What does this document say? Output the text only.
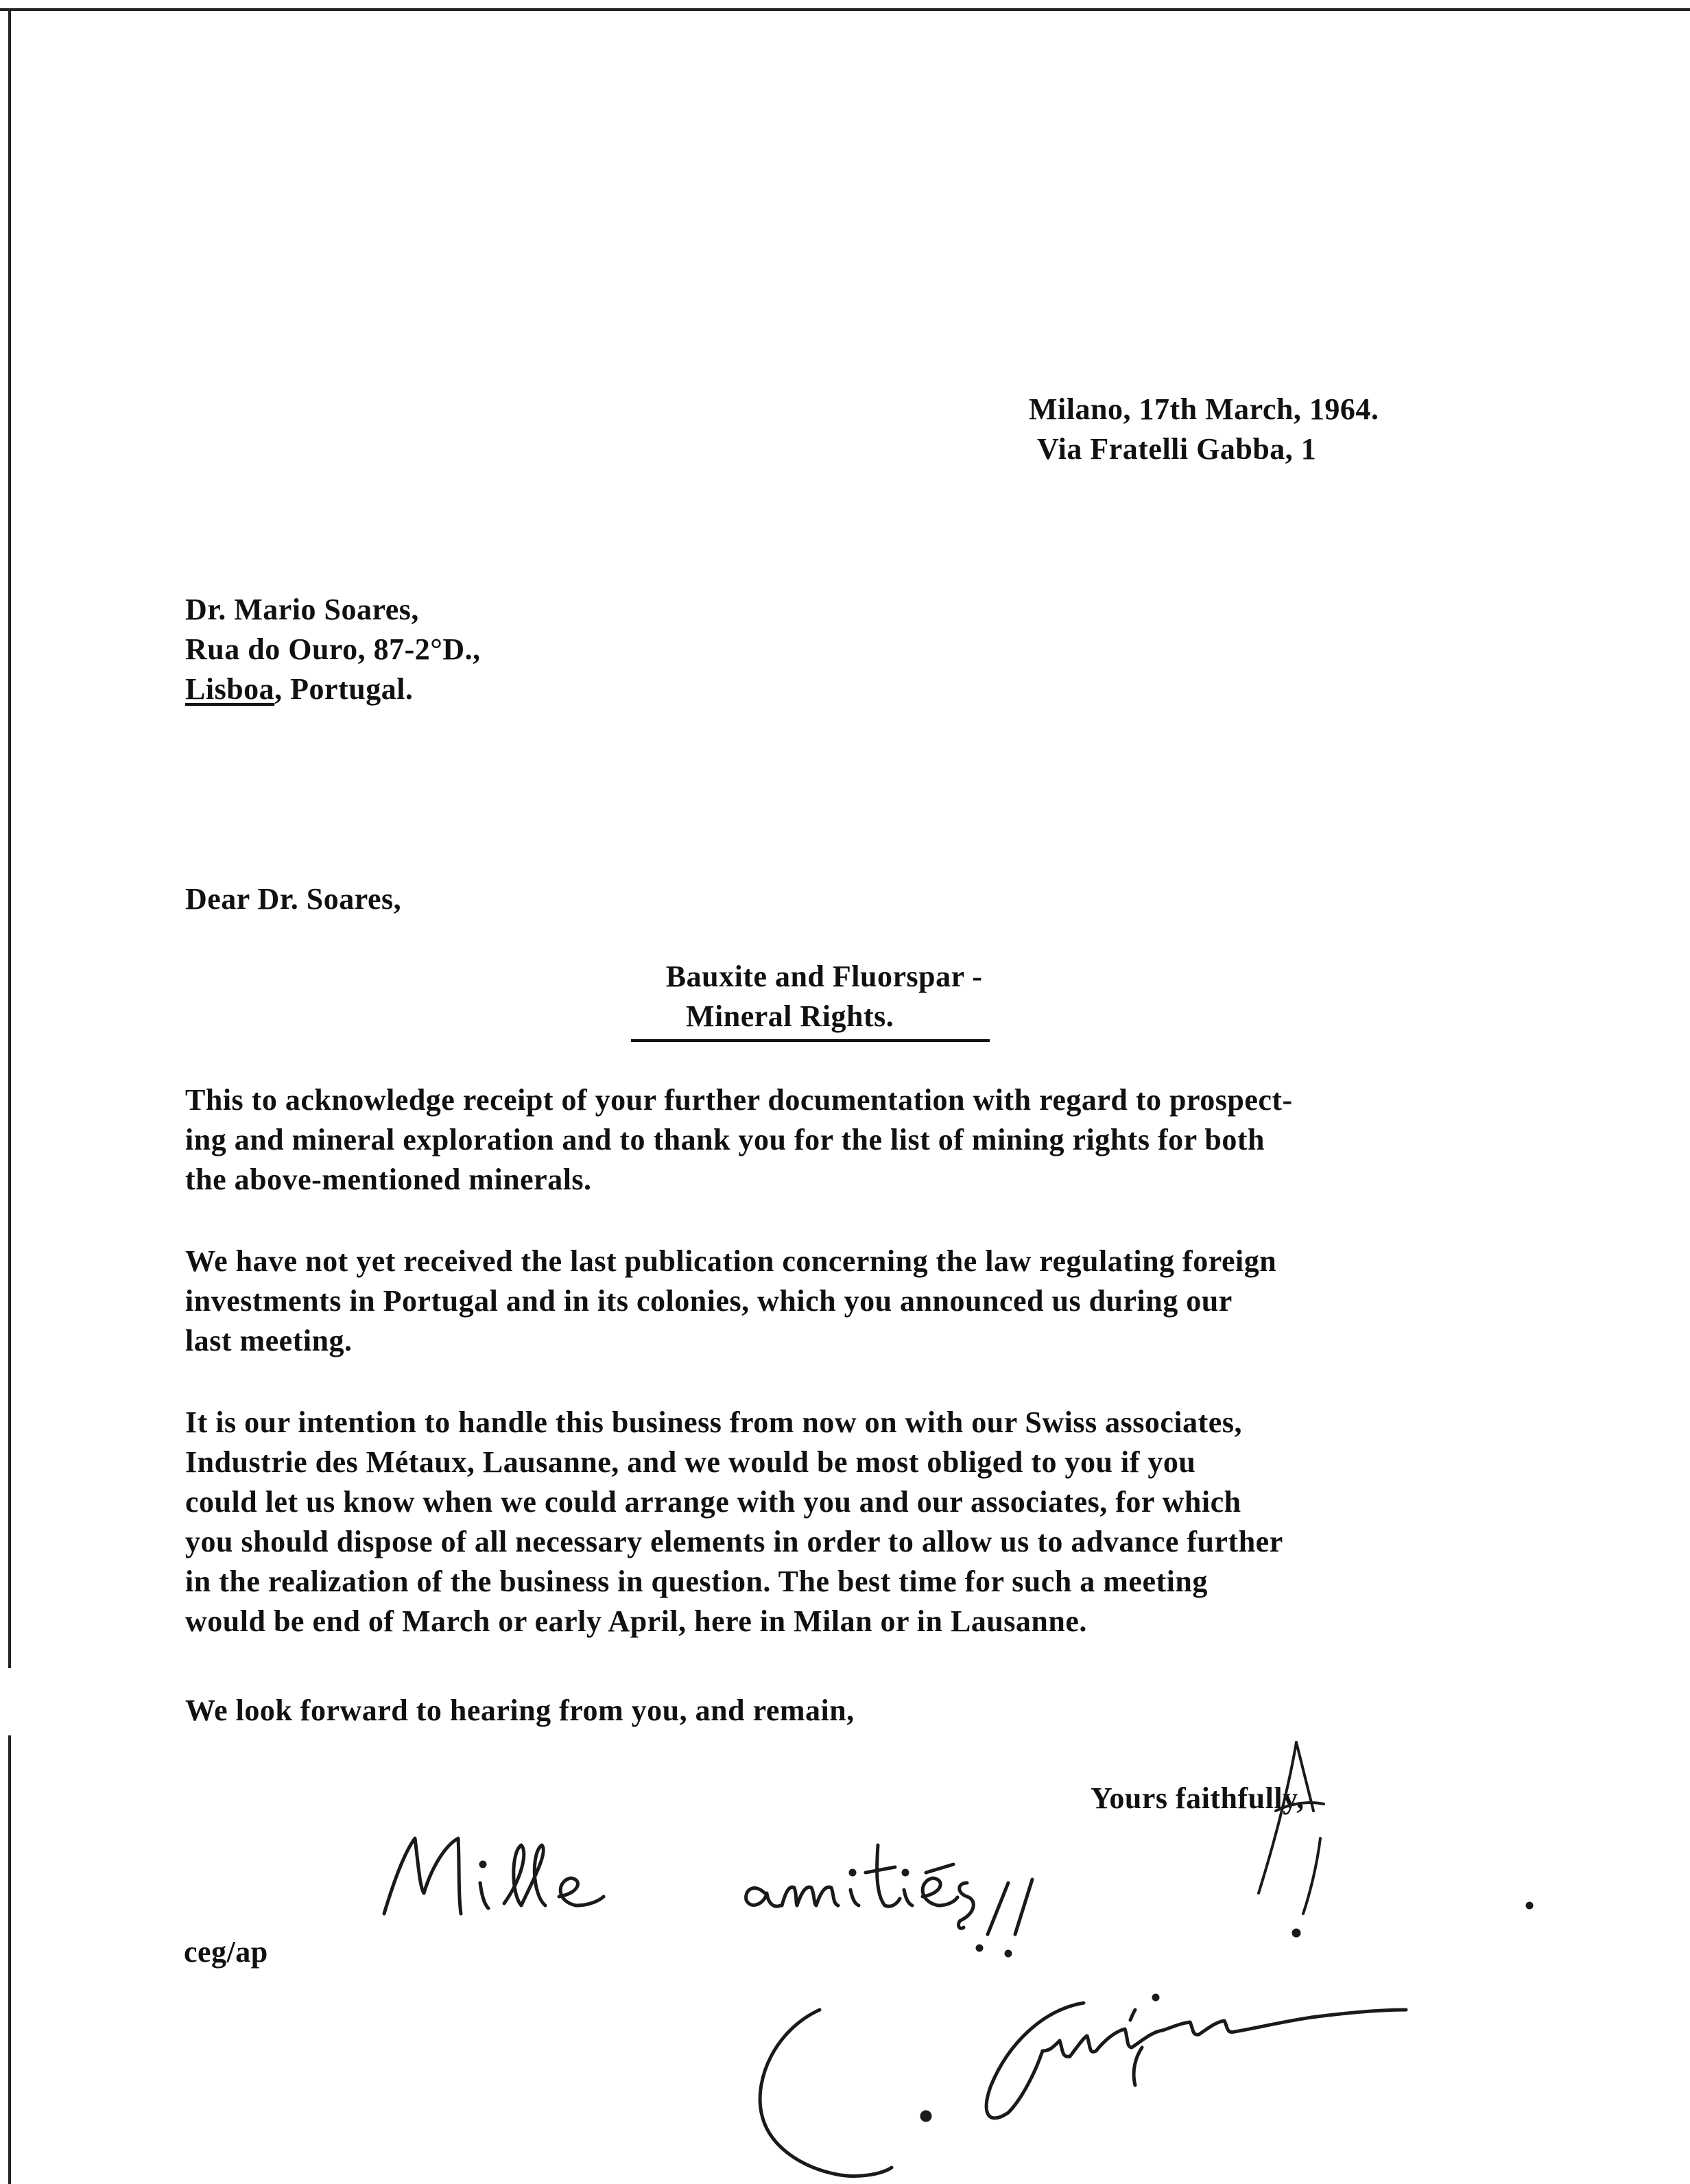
Milano, 17th March, 1964.
Via Fratelli Gabba, 1
Dr. Mario Soares,
Rua do Ouro, 87-2°D.,
Lisboa, Portugal.
Dear Dr. Soares,
Bauxite and Fluorspar -
Mineral Rights.
This to acknowledge receipt of your further documentation with regard to prospect-
ing and mineral exploration and to thank you for the list of mining rights for both
the above-mentioned minerals.
We have not yet received the last publication concerning the law regulating foreign
investments in Portugal and in its colonies, which you announced us during our
last meeting.
It is our intention to handle this business from now on with our Swiss associates,
Industrie des Métaux, Lausanne, and we would be most obliged to you if you
could let us know when we could arrange with you and our associates, for which
you should dispose of all necessary elements in order to allow us to advance further
in the realization of the business in question. The best time for such a meeting
would be end of March or early April, here in Milan or in Lausanne.
We look forward to hearing from you, and remain,
Yours faithfully,
ceg/ap
